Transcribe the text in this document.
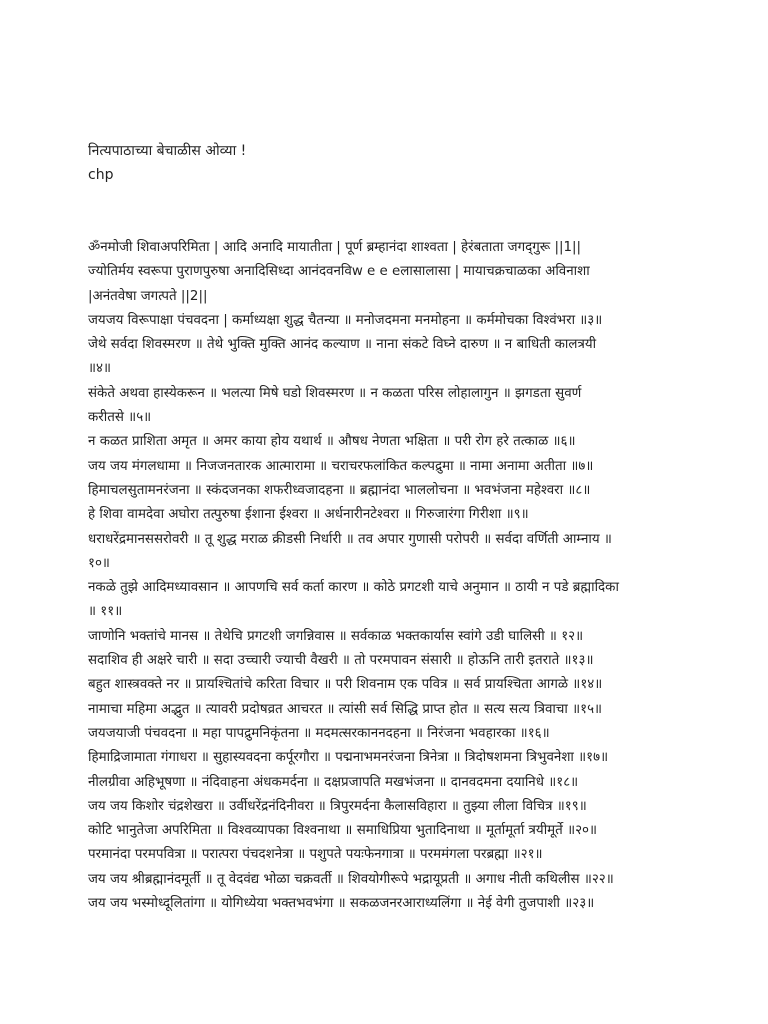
नित्यपाठाच्या बेचाळीस ओव्या !

chp

ॐनमोजी शिवाअपरिमिता | आदि अनादि मायातीता | पूर्ण ब्रम्हानंदा शाश्वता | हेरंबताता जगद्‌गुरू ||1||
ज्योतिर्मय स्वरूपा पुराणपुरुषा अनादिसिध्दा आनंदवनविw e e eलासालासा | मायाचक्रचाळका अविनाशा
|अनंतवेषा जगत्पते ||2||
जयजय विरूपाक्षा पंचवदना | कर्माध्यक्षा शुद्ध चैतन्या ॥ मनोजदमना मनमोहना ॥ कर्ममोचका विश्वंभरा ॥३॥
जेथे सर्वदा शिवस्मरण ॥ तेथे भुक्ति मुक्ति आनंद कल्याण ॥ नाना संकटे विघ्ने दारुण ॥ न बाधिती कालत्रयी
॥४॥
संकेते अथवा हास्येकरून ॥ भलत्या मिषे घडो शिवस्मरण ॥ न कळता परिस लोहालागुन ॥ झगडता सुवर्ण
करीतसे ॥५॥
न कळत प्राशिता अमृत ॥ अमर काया होय यथार्थ ॥ औषध नेणता भक्षिता ॥ परी रोग हरे तत्काळ ॥६॥
जय जय मंगलधामा ॥ निजजनतारक आत्मारामा ॥ चराचरफलांकित कल्पद्रुमा ॥ नामा अनामा अतीता ॥७॥
हिमाचलसुतामनरंजना ॥ स्कंदजनका शफरीध्वजादहना ॥ ब्रह्मानंदा भाललोचना ॥ भवभंजना महेश्वरा ॥८॥
हे शिवा वामदेवा अघोरा तत्पुरुषा ईशाना ईश्वरा ॥ अर्धनारीनटेश्वरा ॥ गिरुजारंगा गिरीशा ॥९॥
धराधरेंद्रमानससरोवरी ॥ तू शुद्ध मराळ क्रीडसी निर्धारी ॥ तव अपार गुणासी परोपरी ॥ सर्वदा वर्णिती आम्नाय ॥
१०॥
नकळे तुझे आदिमध्यावसान ॥ आपणचि सर्व कर्ता कारण ॥ कोठे प्रगटशी याचे अनुमान ॥ ठायी न पडे ब्रह्मादिका
॥ ११॥
जाणोनि भक्तांचे मानस ॥ तेथेचि प्रगटशी जगन्निवास ॥ सर्वकाळ भक्तकार्यास स्वांगे उडी घालिसी ॥ १२॥
सदाशिव ही अक्षरे चारी ॥ सदा उच्चारी ज्याची वैखरी ॥ तो परमपावन संसारी ॥ होऊनि तारी इतराते ॥१३॥
बहुत शास्त्रवक्ते नर ॥ प्रायश्चितांचे करिता विचार ॥ परी शिवनाम एक पवित्र ॥ सर्व प्रायश्चिता आगळे ॥१४॥
नामाचा महिमा अद्भुत ॥ त्यावरी प्रदोषव्रत आचरत ॥ त्यांसी सर्व सिद्धि प्राप्त होत ॥ सत्य सत्य त्रिवाचा ॥१५॥
जयजयाजी पंचवदना ॥ महा पापद्रुमनिकृंतना ॥ मदमत्सरकाननदहना ॥ निरंजना भवहारका ॥१६॥
हिमाद्रिजामाता गंगाधरा ॥ सुहास्यवदना कर्पूरगौरा ॥ पद्मनाभमनरंजना त्रिनेत्रा ॥ त्रिदोषशमना त्रिभुवनेशा ॥१७॥
नीलग्रीवा अहिभूषणा ॥ नंदिवाहना अंधकमर्दना ॥ दक्षप्रजापति मखभंजना ॥ दानवदमना दयानिधे ॥१८॥
जय जय किशोर चंद्रशेखरा ॥ उर्वीधरेंद्रनंदिनीवरा ॥ त्रिपुरमर्दना कैलासविहारा ॥ तुझ्या लीला विचित्र ॥१९॥
कोटि भानुतेजा अपरिमिता ॥ विश्वव्यापका विश्वनाथा ॥ समाधिप्रिया भुतादिनाथा ॥ मूर्तामूर्ता त्रयीमूर्ते ॥२०॥
परमानंदा परमपवित्रा ॥ परात्परा पंचदशनेत्रा ॥ पशुपते पयःफेनगात्रा ॥ परममंगला परब्रह्मा ॥२१॥
जय जय श्रीब्रह्मानंदमूर्ती ॥ तू वेदवंद्य भोळा चक्रवर्ती ॥ शिवयोगीरूपे भद्रायूप्रती ॥ अगाध नीती कथिलीस ॥२२॥
जय जय भस्मोध्दूलितांगा ॥ योगिध्येया भक्तभवभंगा ॥ सकळजनरआराध्यलिंगा ॥ नेई वेगी तुजपाशी ॥२३॥
